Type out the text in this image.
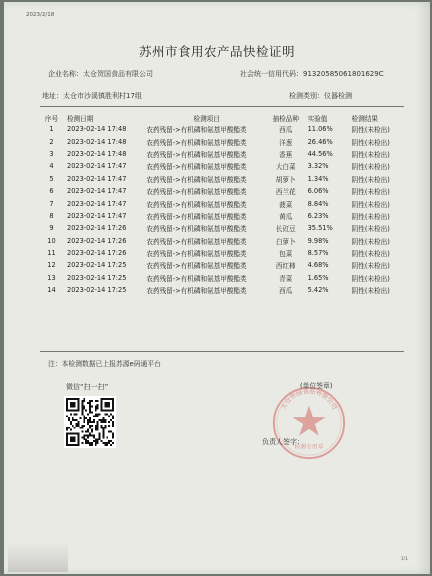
2023/2/18
苏州市食用农产品快检证明
企业名称：太仓贺国食品有限公司	社会统一信用代码：91320585061801629C
地址：太仓市沙溪镇胜利村17组	检测类别：仪器检测
序号	检测日期	检测项目	抽检品种	实验值	检测结果
1	2023-02-14 17:48	农药残留->有机磷和氨基甲酸酯类	西瓜	11.06%	阴性(未检出)
2	2023-02-14 17:48	农药残留->有机磷和氨基甲酸酯类	洋葱	26.46%	阴性(未检出)
3	2023-02-14 17:48	农药残留->有机磷和氨基甲酸酯类	香蕉	44.56%	阴性(未检出)
4	2023-02-14 17:47	农药残留->有机磷和氨基甲酸酯类	大白菜	3.32%	阴性(未检出)
5	2023-02-14 17:47	农药残留->有机磷和氨基甲酸酯类	胡萝卜	1.34%	阴性(未检出)
6	2023-02-14 17:47	农药残留->有机磷和氨基甲酸酯类	西兰花	6.06%	阴性(未检出)
7	2023-02-14 17:47	农药残留->有机磷和氨基甲酸酯类	菠菜	8.84%	阴性(未检出)
8	2023-02-14 17:47	农药残留->有机磷和氨基甲酸酯类	黄瓜	6.23%	阴性(未检出)
9	2023-02-14 17:26	农药残留->有机磷和氨基甲酸酯类	长豇豆	35.51%	阴性(未检出)
10	2023-02-14 17:26	农药残留->有机磷和氨基甲酸酯类	白萝卜	9.98%	阴性(未检出)
11	2023-02-14 17:26	农药残留->有机磷和氨基甲酸酯类	包菜	8.57%	阴性(未检出)
12	2023-02-14 17:25	农药残留->有机磷和氨基甲酸酯类	西红柿	4.68%	阴性(未检出)
13	2023-02-14 17:25	农药残留->有机磷和氨基甲酸酯类	青菜	1.65%	阴性(未检出)
14	2023-02-14 17:25	农药残留->有机磷和氨基甲酸酯类	西瓜	5.42%	阴性(未检出)
注：本检测数据已上报苏源e码通平台
微信“扫一扫”
太仓贺国食品有限公司
检测专用章
(单位签章)
负责人签字：
1/1
